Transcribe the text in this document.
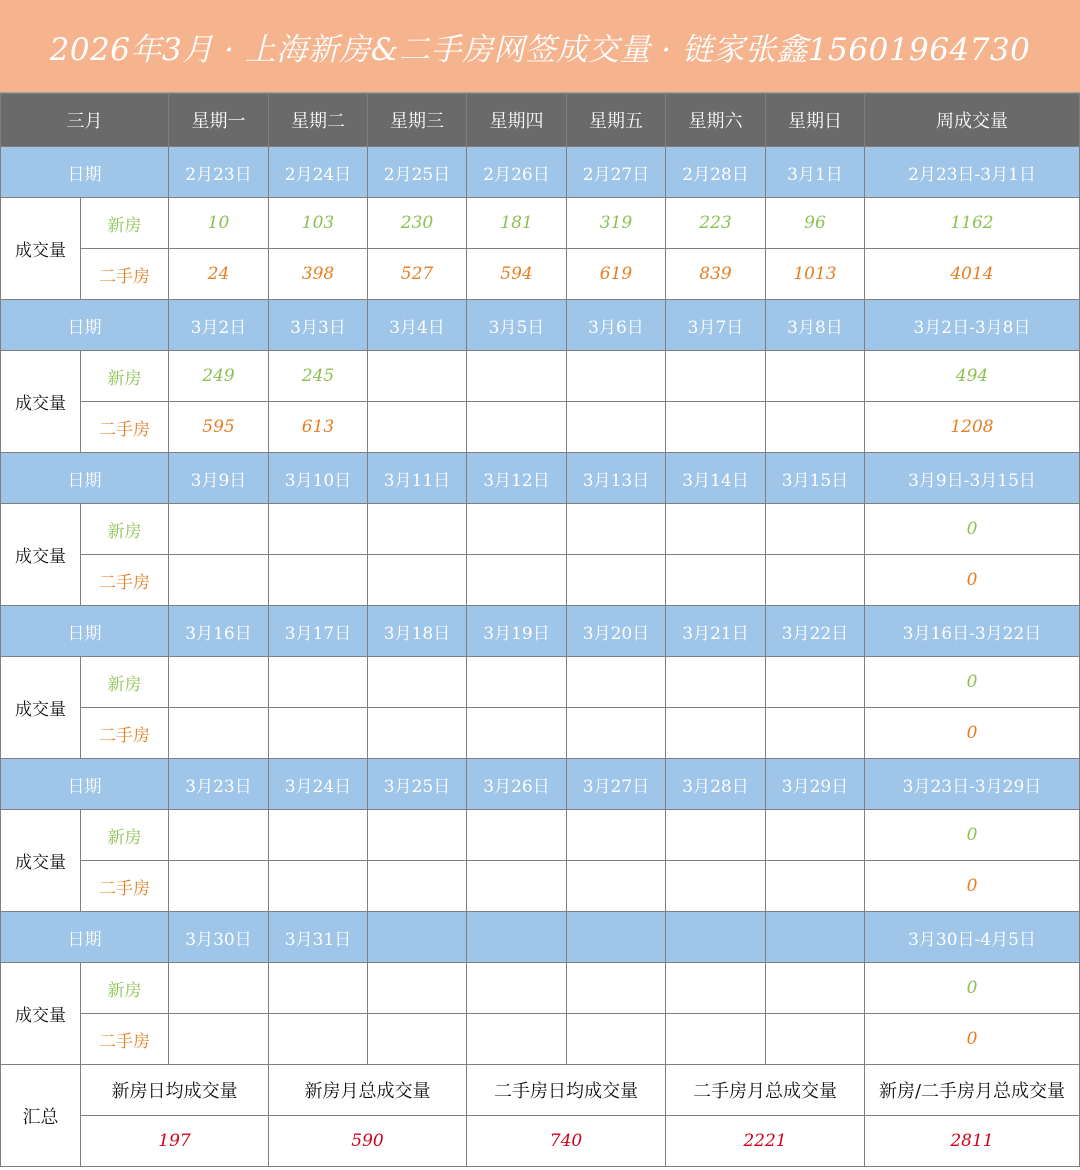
2026年3月 · 上海新房&二手房网签成交量 · 链家张鑫15601964730
三月		星期一	星期二	星期三	星期四	星期五	星期六	星期日	周成交量
日期		2月23日	2月24日	2月25日	2月26日	2月27日	2月28日	3月1日	2月23日-3月1日
成交量	新房	10	103	230	181	319	223	96	1162
	二手房	24	398	527	594	619	839	1013	4014
日期		3月2日	3月3日	3月4日	3月5日	3月6日	3月7日	3月8日	3月2日-3月8日
成交量	新房	249	245						494
	二手房	595	613						1208
日期		3月9日	3月10日	3月11日	3月12日	3月13日	3月14日	3月15日	3月9日-3月15日
成交量	新房								0
	二手房								0
日期		3月16日	3月17日	3月18日	3月19日	3月20日	3月21日	3月22日	3月16日-3月22日
成交量	新房								0
	二手房								0
日期		3月23日	3月24日	3月25日	3月26日	3月27日	3月28日	3月29日	3月23日-3月29日
成交量	新房								0
	二手房								0
日期		3月30日	3月31日						3月30日-4月5日
成交量	新房								0
	二手房								0
汇总	新房日均成交量		新房月总成交量		二手房日均成交量		二手房月总成交量		新房/二手房月总成交量
	197		590		740		2221		2811
